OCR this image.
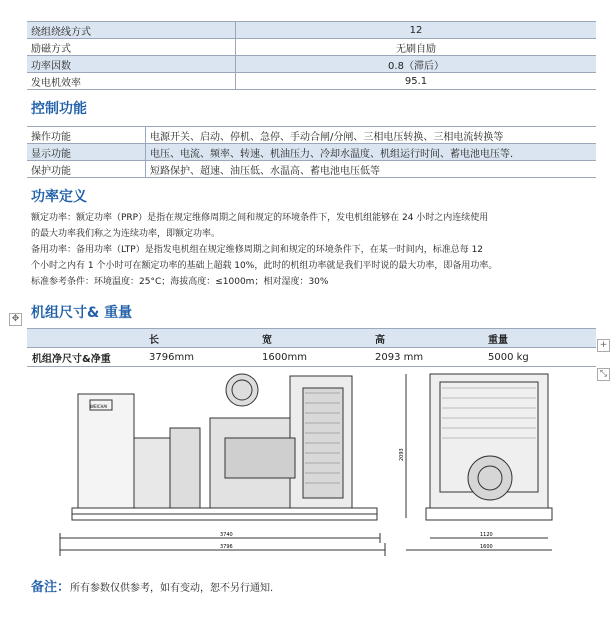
绕组绕线方式	12
励磁方式	无刷自励
功率因数	0.8（滞后）
发电机效率	95.1
控制功能
操作功能	电源开关、启动、停机、急停、手动合闸/分闸、三相电压转换、三相电流转换等
显示功能	电压、电流、频率、转速、机油压力、冷却水温度、机组运行时间、蓄电池电压等.
保护功能	短路保护、超速、油压低、水温高、蓄电池电压低等
功率定义
额定功率：额定功率（PRP）是指在规定维修周期之间和规定的环境条件下，发电机组能够在 24 小时之内连续使用
的最大功率我们称之为连续功率，即额定功率。
备用功率：备用功率（LTP）是指发电机组在规定维修周期之间和规定的环境条件下，在某一时间内，标准总每 12
个小时之内有 1 个小时可在额定功率的基础上超载 10%，此时的机组功率就是我们平时说的最大功率，即备用功率。
标准参考条件：环境温度：25°C；海拔高度：≤1000m；相对湿度：30%
✥ 机组尺寸& 重量
	长	宽	高	重量
机组净尺寸&净重	3796mm	1600mm	2093 mm	5000 kg
+
⤡
WEICHAI
3740
3796
2093
1120
1600
备注：所有参数仅供参考，如有变动，恕不另行通知.
